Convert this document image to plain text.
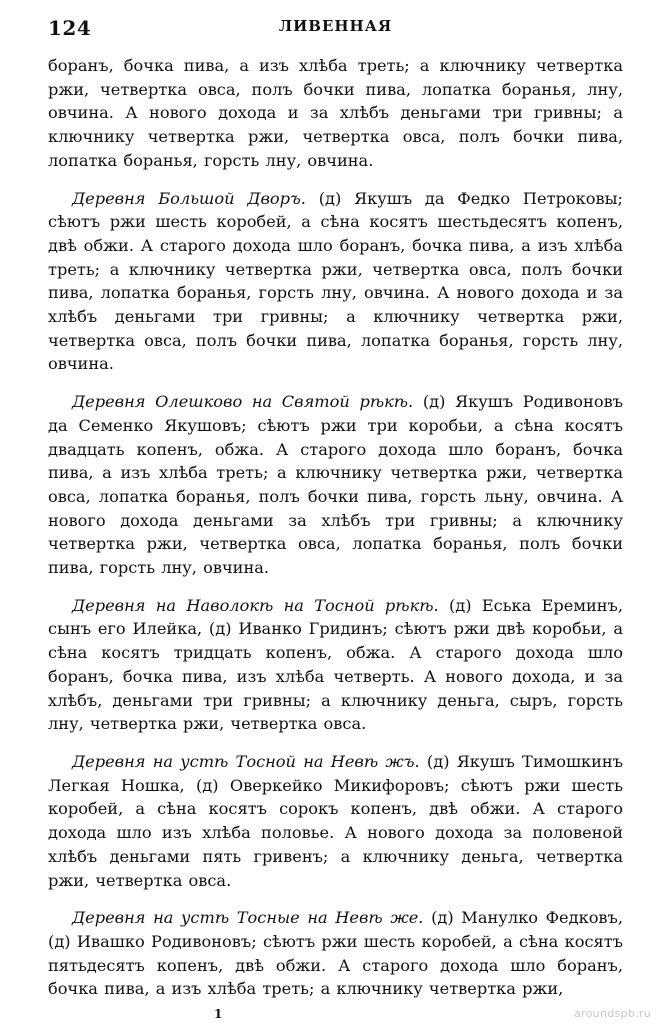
124	ЛИВЕННАЯ

боранъ, бочка пива, а изъ хлѣба треть; а ключнику четвертка ржи, четвертка овса, полъ бочки пива, лопатка боранья, лну, овчина. А нового дохода и за хлѣбъ деньгами три гривны; а ключнику четвертка ржи, четвертка овса, полъ бочки пива, лопатка боранья, горсть лну, овчина.

Деревня Большой Дворъ. (д) Якушъ да Федко Петроковы; сѣютъ ржи шесть коробей, а сѣна косятъ шестьдесятъ копенъ, двѣ обжи. А старого дохода шло боранъ, бочка пива, а изъ хлѣба треть; а ключнику четвертка ржи, четвертка овса, полъ бочки пива, лопатка боранья, горсть лну, овчина. А нового дохода и за хлѣбъ деньгами три гривны; а ключнику четвертка ржи, четвертка овса, полъ бочки пива, лопатка боранья, горсть лну, овчина.

Деревня Олешково на Святой рѣкѣ. (д) Якушъ Родивоновъ да Семенко Якушовъ; сѣютъ ржи три коробьи, а сѣна косятъ двадцать копенъ, обжа. А старого дохода шло боранъ, бочка пива, а изъ хлѣба треть; а ключнику четвертка ржи, четвертка овса, лопатка боранья, полъ бочки пива, горсть льну, овчина. А нового дохода деньгами за хлѣбъ три гривны; а ключнику четвертка ржи, четвертка овса, лопатка боранья, полъ бочки пива, горсть лну, овчина.

Деревня на Наволокѣ на Тосной рѣкѣ. (д) Еська Ереминъ, сынъ его Илейка, (д) Иванко Гридинъ; сѣютъ ржи двѣ коробьи, а сѣна косятъ тридцать копенъ, обжа. А старого дохода шло боранъ, бочка пива, изъ хлѣба четверть. А нового дохода, и за хлѣбъ, деньгами три гривны; а ключнику деньга, сыръ, горсть лну, четвертка ржи, четвертка овса.

Деревня на устѣ Тосной на Невѣ жъ. (д) Якушъ Тимошкинъ Легкая Ношка, (д) Оверкейко Микифоровъ; сѣютъ ржи шесть коробей, а сѣна косятъ сорокъ копенъ, двѣ обжи. А старого дохода шло изъ хлѣба половье. А нового дохода за половеной хлѣбъ деньгами пять гривенъ; а ключнику деньга, четвертка ржи, четвертка овса.

Деревня на устѣ Тосные на Невѣ же. (д) Манулко Федковъ, (д) Ивашко Родивоновъ; сѣютъ ржи шесть коробей, а сѣна косятъ пятьдесятъ копенъ, двѣ обжи. А старого дохода шло боранъ, бочка пива, а изъ хлѣба треть; а ключнику четвертка ржи,

1	aroundspb.ru
